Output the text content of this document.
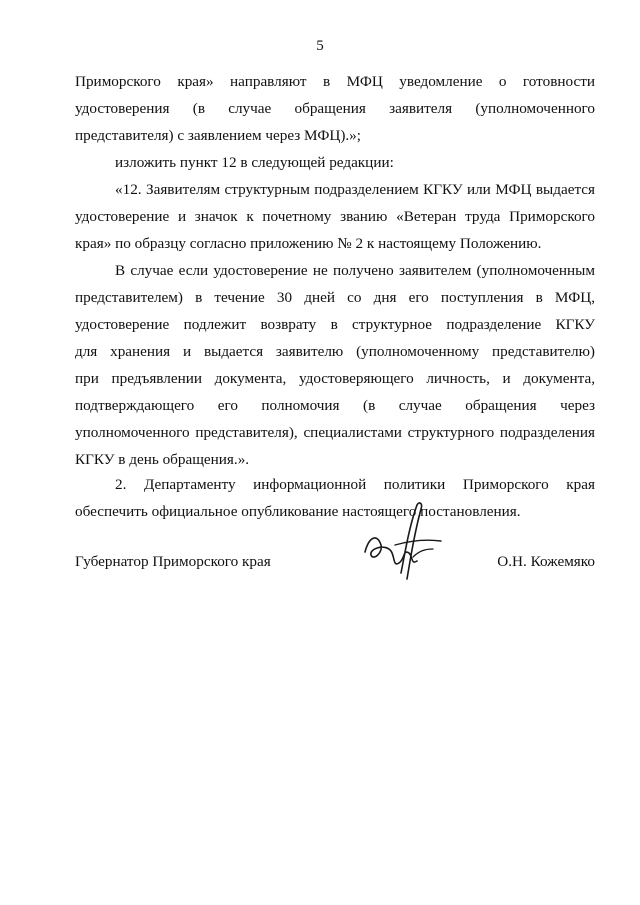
5
Приморского края» направляют в МФЦ уведомление о готовности
удостоверения (в случае обращения заявителя (уполномоченного
представителя) с заявлением через МФЦ).»;
изложить пункт 12 в следующей редакции:
«12. Заявителям структурным подразделением КГКУ или МФЦ выдается
удостоверение и значок к почетному званию «Ветеран труда Приморского
края» по образцу согласно приложению № 2 к настоящему Положению.
В случае если удостоверение не получено заявителем (уполномоченным
представителем) в течение 30 дней со дня его поступления в МФЦ,
удостоверение подлежит возврату в структурное подразделение КГКУ
для хранения и выдается заявителю (уполномоченному представителю)
при предъявлении документа, удостоверяющего личность, и документа,
подтверждающего его полномочия (в случае обращения через
уполномоченного представителя), специалистами структурного подразделения
КГКУ в день обращения.».
2. Департаменту информационной политики Приморского края
обеспечить официальное опубликование настоящего постановления.
Губернатор Приморского края	О.Н. Кожемяко
